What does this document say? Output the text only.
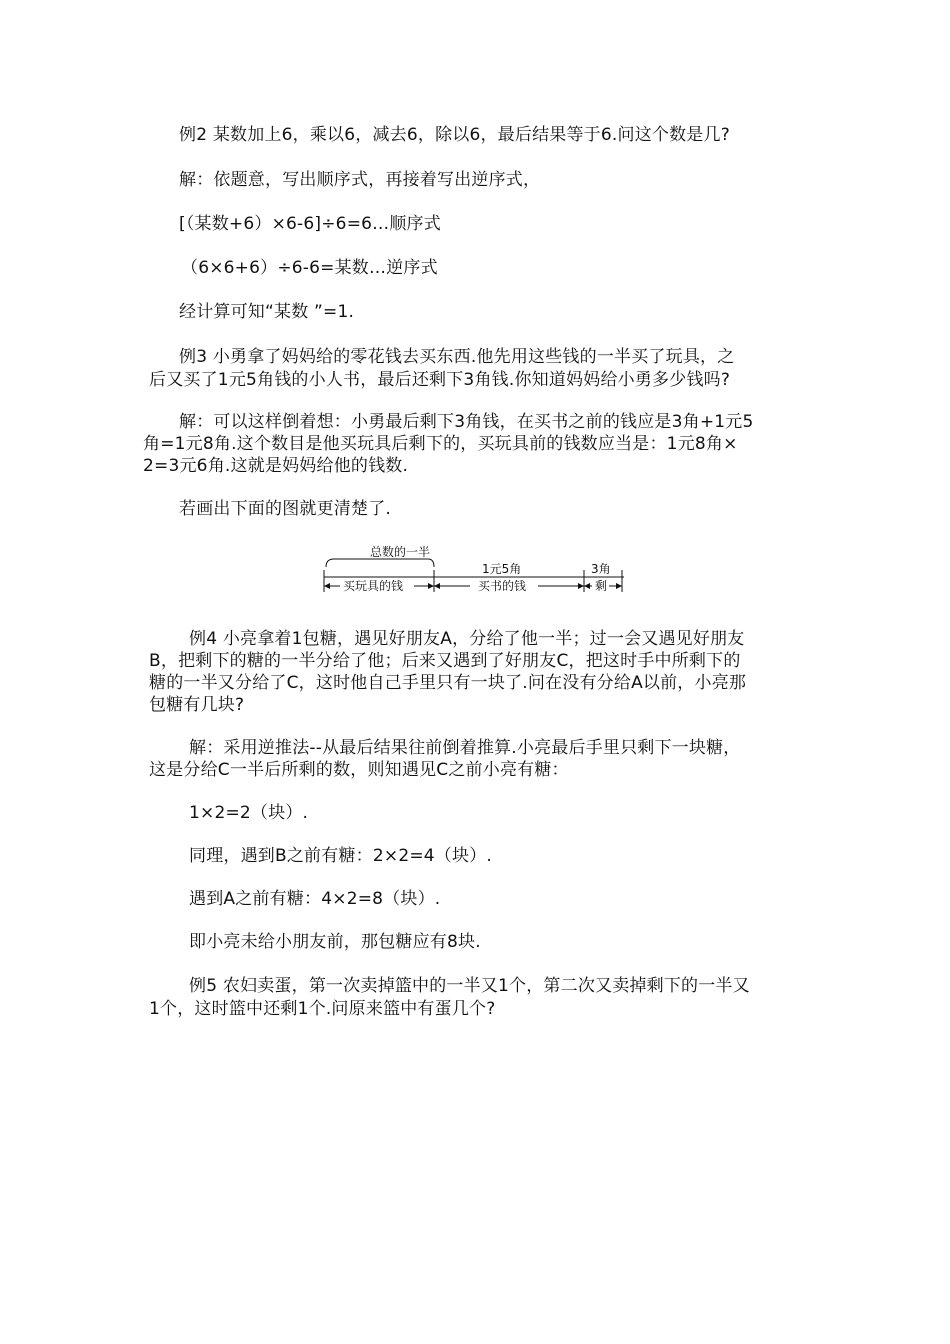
例2 某数加上6，乘以6，减去6，除以6，最后结果等于6.问这个数是几?
解：依题意，写出顺序式，再接着写出逆序式，
[（某数+6）×6-6]÷6=6…顺序式
（6×6+6）÷6-6=某数…逆序式
经计算可知“某数 ”=1.
例3 小勇拿了妈妈给的零花钱去买东西.他先用这些钱的一半买了玩具，之
后又买了1元5角钱的小人书，最后还剩下3角钱.你知道妈妈给小勇多少钱吗?
解：可以这样倒着想：小勇最后剩下3角钱，在买书之前的钱应是3角+1元5
角=1元8角.这个数目是他买玩具后剩下的，买玩具前的钱数应当是：1元8角×
2=3元6角.这就是妈妈给他的钱数.
若画出下面的图就更清楚了.
总数的一半
1元5角	3角
买玩具的钱	买书的钱	剩
例4 小亮拿着1包糖，遇见好朋友A，分给了他一半；过一会又遇见好朋友
B，把剩下的糖的一半分给了他；后来又遇到了好朋友C，把这时手中所剩下的
糖的一半又分给了C，这时他自己手里只有一块了.问在没有分给A以前，小亮那
包糖有几块?
解：采用逆推法--从最后结果往前倒着推算.小亮最后手里只剩下一块糖，
这是分给C一半后所剩的数，则知遇见C之前小亮有糖：
1×2=2（块）.
同理，遇到B之前有糖：2×2=4（块）.
遇到A之前有糖：4×2=8（块）.
即小亮未给小朋友前，那包糖应有8块.
例5 农妇卖蛋，第一次卖掉篮中的一半又1个，第二次又卖掉剩下的一半又
1个，这时篮中还剩1个.问原来篮中有蛋几个?
